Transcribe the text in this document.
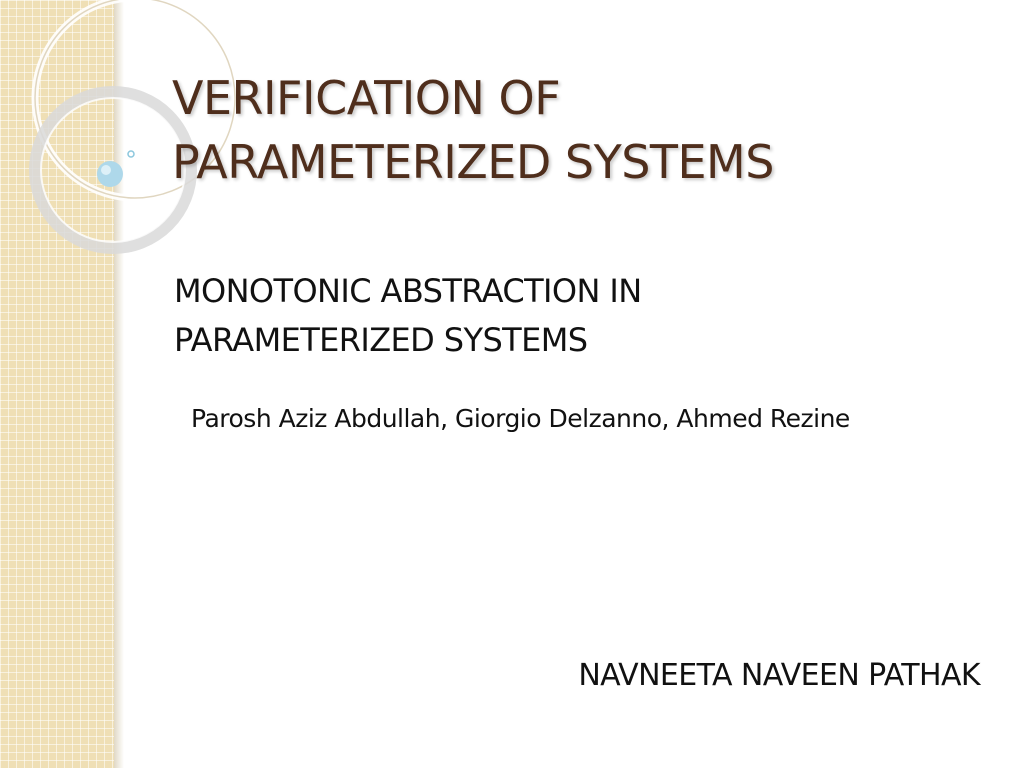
VERIFICATION OF
PARAMETERIZED SYSTEMS
MONOTONIC ABSTRACTION IN
PARAMETERIZED SYSTEMS
Parosh Aziz Abdullah, Giorgio Delzanno, Ahmed Rezine
NAVNEETA NAVEEN PATHAK
